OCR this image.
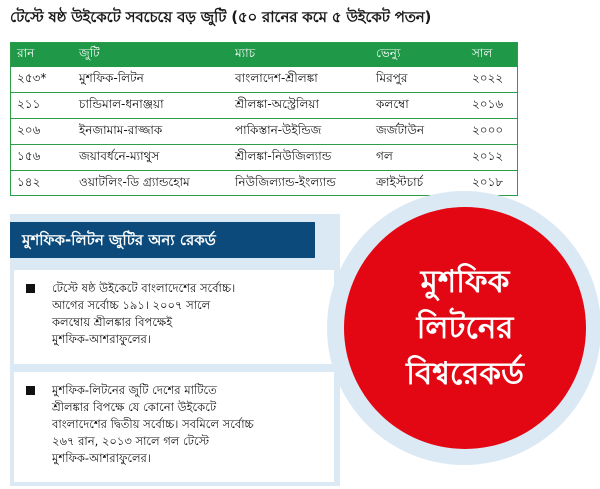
টেস্টে ষষ্ঠ উইকেটে সবচেয়ে বড় জুটি (৫০ রানের কমে ৫ উইকেট পতন)
রান	জুটি	ম্যাচ	ভেন্যু	সাল
২৫৩*	মুশফিক-লিটন	বাংলাদেশ-শ্রীলঙ্কা	মিরপুর	২০২২
২১১	চান্ডিমাল-ধনাঞ্জয়া	শ্রীলঙ্কা-অস্ট্রেলিয়া	কলম্বো	২০১৬
২০৬	ইনজামাম-রাজ্জাক	পাকিস্তান-উইন্ডিজ	জর্জটাউন	২০০০
১৫৬	জয়াবর্ধনে-ম্যাথুস	শ্রীলঙ্কা-নিউজিল্যান্ড	গল	২০১২
১৪২	ওয়াটলিং-ডি গ্র্যান্ডহোম	নিউজিল্যান্ড-ইংল্যান্ড	ক্রাইস্টচার্চ	২০১৮
মুশফিক-লিটন জুটির অন্য রেকর্ড
টেস্টে ষষ্ঠ উইকেটে বাংলাদেশের সর্বোচ্চ।
আগের সর্বোচ্চ ১৯১। ২০০৭ সালে
কলম্বোয় শ্রীলঙ্কার বিপক্ষেই
মুশফিক-আশরাফুলের।
মুশফিক-লিটনের জুটি দেশের মাটিতে
শ্রীলঙ্কার বিপক্ষে যে কোনো উইকেটে
বাংলাদেশের দ্বিতীয় সর্বোচ্চ। সবমিলে সর্বোচ্চ
২৬৭ রান, ২০১৩ সালে গল টেস্টে
মুশফিক-আশরাফুলের।
মুশফিক
লিটনের
বিশ্বরেকর্ড
